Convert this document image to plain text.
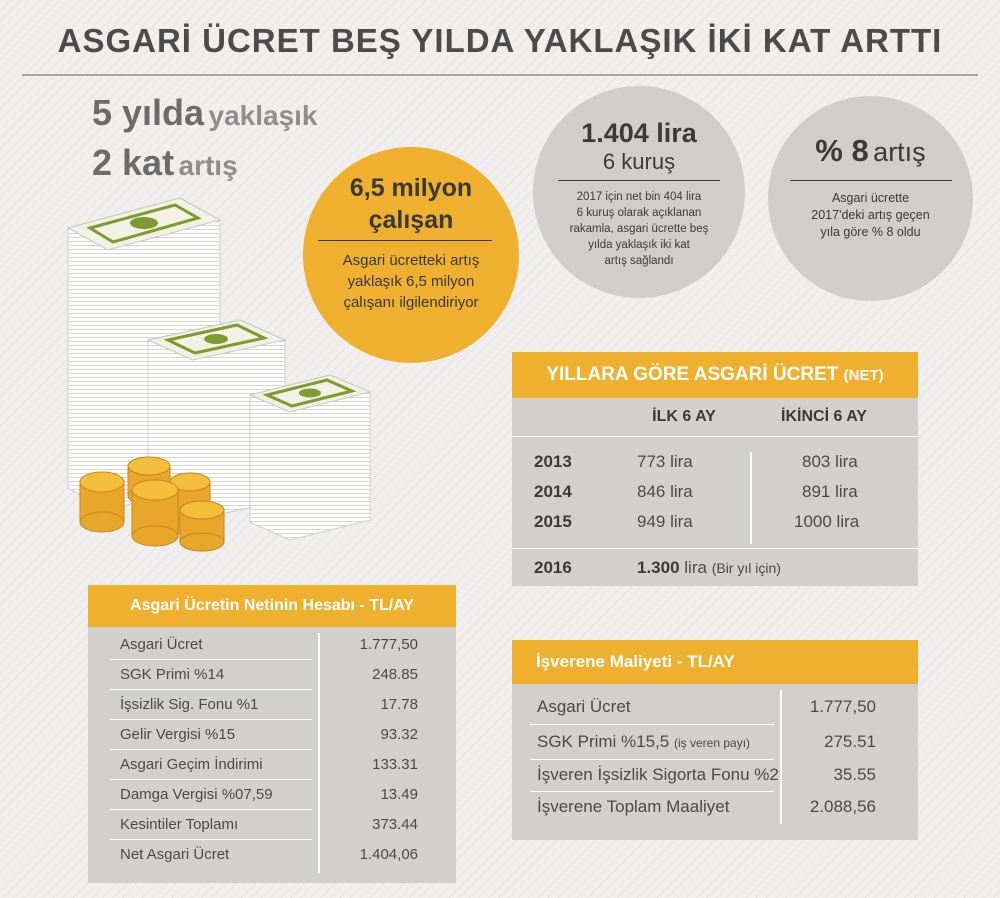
ASGARİ ÜCRET BEŞ YILDA YAKLAŞIK İKİ KAT ARTTI
5 yılda yaklaşık
2 kat artış
6,5 milyon
çalışan
Asgari ücretteki artış
yaklaşık 6,5 milyon
çalışanı ilgilendiriyor
1.404 lira
6 kuruş
2017 için net bin 404 lira
6 kuruş olarak açıklanan
rakamla, asgari ücrette beş
yılda yaklaşık iki kat
artış sağlandı
% 8 artış
Asgari ücrette
2017'deki artış geçen
yıla göre % 8 oldu
YILLARA GÖRE ASGARİ ÜCRET (NET)
İLK 6 AY	İKİNCİ 6 AY
2013	773 lira	803 lira
2014	846 lira	891 lira
2015	949 lira	1000 lira
2016	1.300 lira (Bir yıl için)
Asgari Ücretin Netinin Hesabı - TL/AY
Asgari Ücret	1.777,50
SGK Primi %14	248.85
İşsizlik Sig. Fonu %1	17.78
Gelir Vergisi %15	93.32
Asgari Geçim İndirimi	133.31
Damga Vergisi %07,59	13.49
Kesintiler Toplamı	373.44
Net Asgari Ücret	1.404,06
İşverene Maliyeti - TL/AY
Asgari Ücret	1.777,50
SGK Primi %15,5 (iş veren payı)	275.51
İşveren İşsizlik Sigorta Fonu %2	35.55
İşverene Toplam Maaliyet	2.088,56
